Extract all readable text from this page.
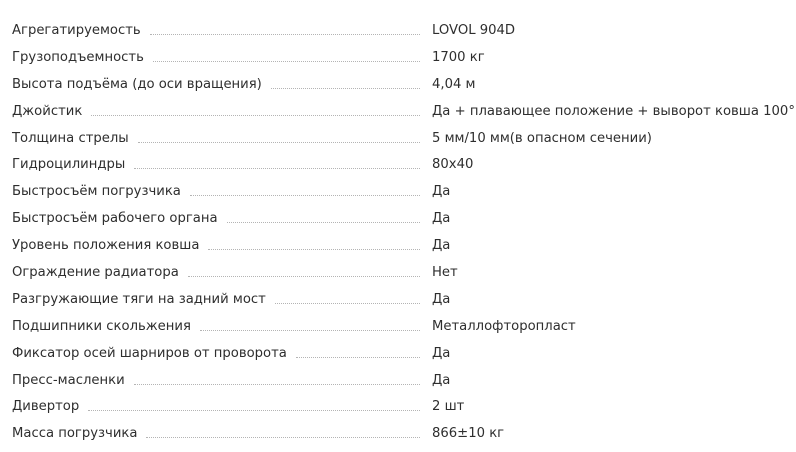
Агрегатируемость	LOVOL 904D
Грузоподъемность	1700 кг
Высота подъёма (до оси вращения)	4,04 м
Джойстик	Да + плавающее положение + выворот ковша 100°
Толщина стрелы	5 мм/10 мм(в опасном сечении)
Гидроцилиндры	80х40
Быстросъём погрузчика	Да
Быстросъём рабочего органа	Да
Уровень положения ковша	Да
Ограждение радиатора	Нет
Разгружающие тяги на задний мост	Да
Подшипники скольжения	Металлофторопласт
Фиксатор осей шарниров от проворота	Да
Пресс-масленки	Да
Дивертор	2 шт
Масса погрузчика	866±10 кг
